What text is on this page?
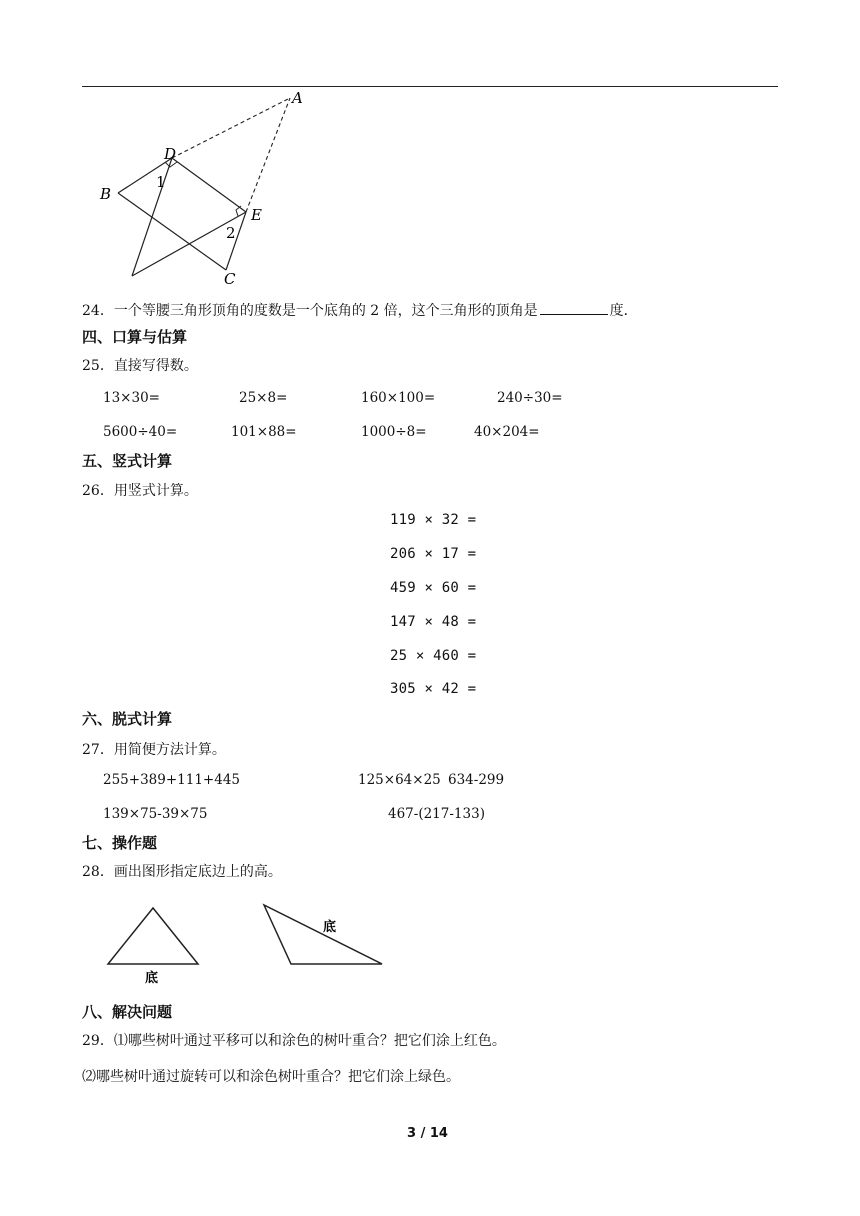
A
B
C
D
E
1
2
24．一个等腰三角形顶角的度数是一个底角的 2 倍，这个三角形的顶角是	度．
四、口算与估算
25．直接写得数。
13×30=	25×8=	160×100=	240÷30=
5600÷40=	101×88=	1000÷8=	40×204=
五、竖式计算
26．用竖式计算。
119 × 32 =
206 × 17 =
459 × 60 =
147 × 48 =
25 × 460 =
305 × 42 =
六、脱式计算
27．用简便方法计算。
255+389+111+445	125×64×25 634-299
139×75-39×75	467-(217-133)
七、操作题
28．画出图形指定底边上的高。
底
底
八、解决问题
29．⑴哪些树叶通过平移可以和涂色的树叶重合？把它们涂上红色。
⑵哪些树叶通过旋转可以和涂色树叶重合？把它们涂上绿色。
3 / 14
